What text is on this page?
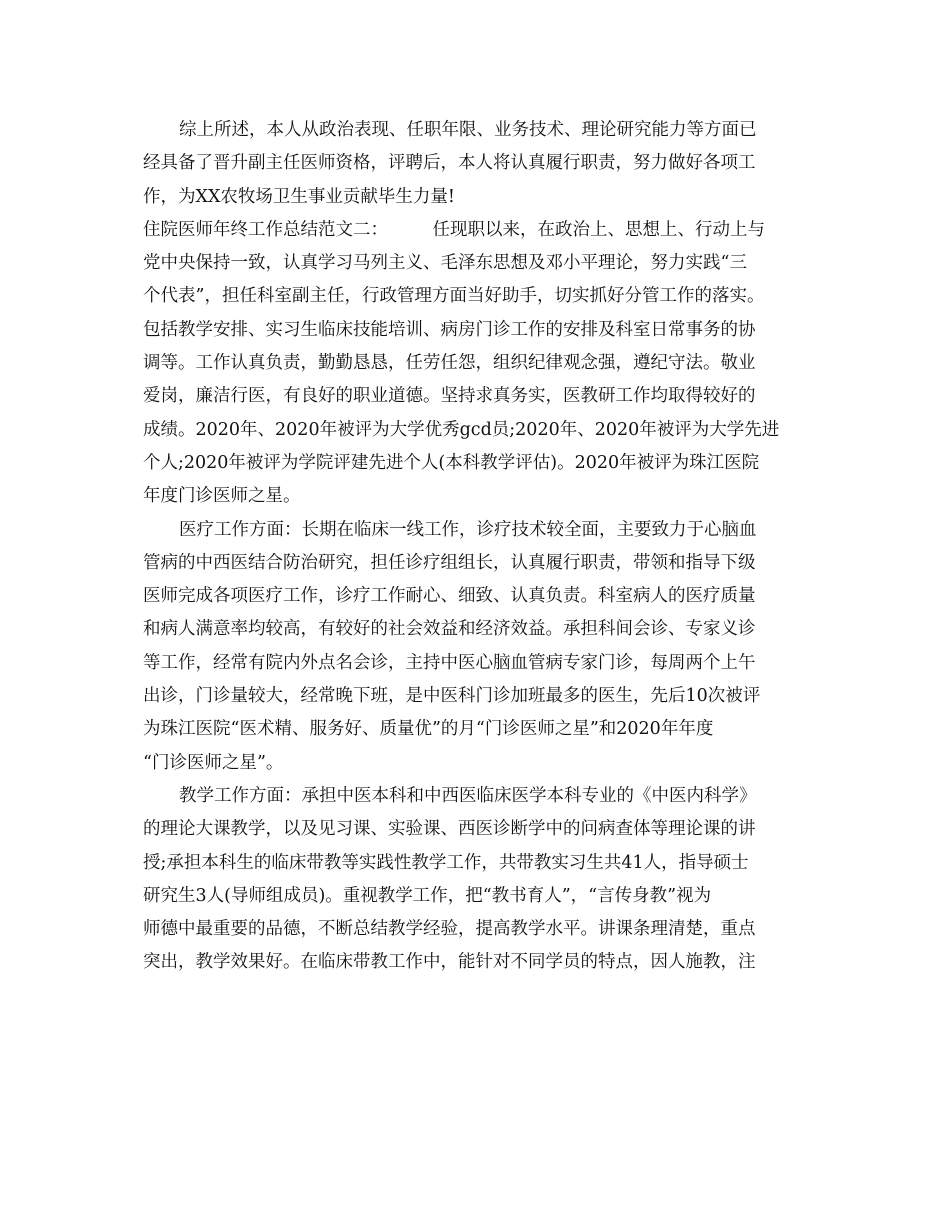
综上所述，本人从政治表现、任职年限、业务技术、理论研究能力等方面已
经具备了晋升副主任医师资格，评聘后，本人将认真履行职责，努力做好各项工
作，为XX农牧场卫生事业贡献毕生力量!
住院医师年终工作总结范文二：        任现职以来，在政治上、思想上、行动上与
党中央保持一致，认真学习马列主义、毛泽东思想及邓小平理论，努力实践“三
个代表”，担任科室副主任，行政管理方面当好助手，切实抓好分管工作的落实。
包括教学安排、实习生临床技能培训、病房门诊工作的安排及科室日常事务的协
调等。工作认真负责，勤勤恳恳，任劳任怨，组织纪律观念强，遵纪守法。敬业
爱岗，廉洁行医，有良好的职业道德。坚持求真务实，医教研工作均取得较好的
成绩。2020年、2020年被评为大学优秀gcd员;2020年、2020年被评为大学先进
个人;2020年被评为学院评建先进个人(本科教学评估)。2020年被评为珠江医院
年度门诊医师之星。
医疗工作方面：长期在临床一线工作，诊疗技术较全面，主要致力于心脑血
管病的中西医结合防治研究，担任诊疗组组长，认真履行职责，带领和指导下级
医师完成各项医疗工作，诊疗工作耐心、细致、认真负责。科室病人的医疗质量
和病人满意率均较高，有较好的社会效益和经济效益。承担科间会诊、专家义诊
等工作，经常有院内外点名会诊，主持中医心脑血管病专家门诊，每周两个上午
出诊，门诊量较大，经常晚下班，是中医科门诊加班最多的医生，先后10次被评
为珠江医院“医术精、服务好、质量优”的月“门诊医师之星”和2020年年度
“门诊医师之星”。
教学工作方面：承担中医本科和中西医临床医学本科专业的《中医内科学》
的理论大课教学，以及见习课、实验课、西医诊断学中的问病查体等理论课的讲
授;承担本科生的临床带教等实践性教学工作，共带教实习生共41人，指导硕士
研究生3人(导师组成员)。重视教学工作，把“教书育人”，“言传身教”视为
师德中最重要的品德，不断总结教学经验，提高教学水平。讲课条理清楚，重点
突出，教学效果好。在临床带教工作中，能针对不同学员的特点，因人施教，注
